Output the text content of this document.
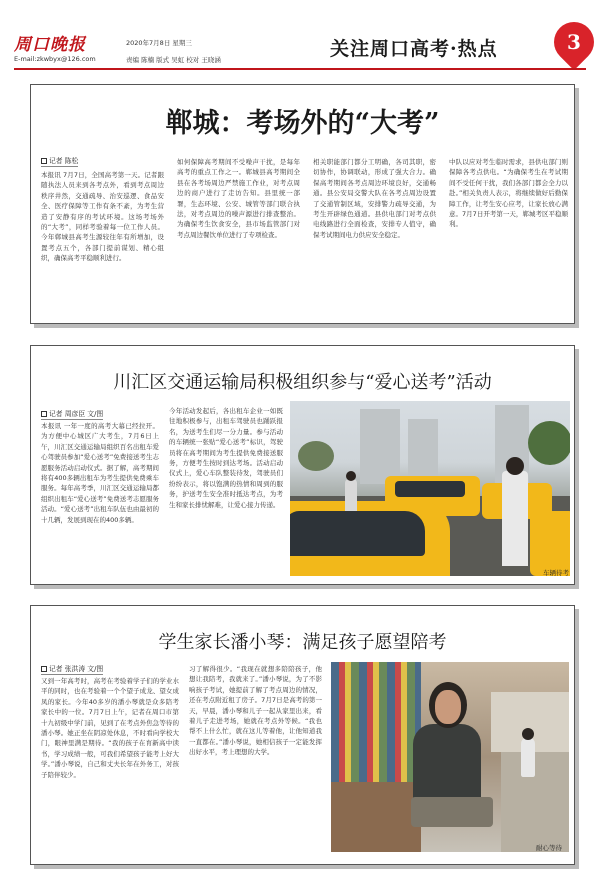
周口晚报
E-mail:zkwbyx@126.com
2020年7月8日 星期三
责编 陈楠 版式 吴虹 校对 王晓涵	关注周口高考·热点	3
郸城：考场外的“大考”
记者 陈松
本报讯 7月7日，全国高考第一天。记者跟随执法人员来到各考点外，看到考点周边秩序井然，交通疏导、治安巡逻、食品安全、医疗保障等工作有条不紊，为考生营造了安静有序的考试环境。这场考场外的“大考”，同样考验着每一位工作人员。今年郸城县高考生源较往年有所增加，设置考点五个，各部门提前谋划、精心组织，确保高考平稳顺利进行。
如何保障高考期间不受噪声干扰，是每年高考的重点工作之一。郸城县高考期间全县在各考场周边严禁施工作业，对考点周边的商户进行了走访告知。县里统一部署，生态环境、公安、城管等部门联合执法，对考点周边的噪声源进行排查整治。为确保考生饮食安全，县市场监管部门对考点周边餐饮单位进行了专项检查。
相关职能部门都分工明确，各司其职，密切协作，协调联动，形成了强大合力。确保高考期间各考点周边环境良好，交通畅通。县公安局交警大队在各考点周边设置了交通管制区域，安排警力疏导交通，为考生开辟绿色通道。县供电部门对考点供电线路进行全面检查，安排专人值守，确保考试期间电力供应安全稳定。
中队以应对考生临时需求，县供电部门则保障各考点供电。“为确保考生在考试期间不受任何干扰，我们各部门都会全力以赴。”相关负责人表示，将继续做好后勤保障工作，让考生安心应考，让家长放心满意。7月7日开考第一天，郸城考区平稳顺利。
川汇区交通运输局积极组织参与“爱心送考”活动
记者 周彦臣 文/图
本报讯 一年一度的高考大幕已经拉开。为方便中心城区广大考生，7月6日上午，川汇区交通运输局组织百名出租车爱心驾驶员参加“爱心送考”免费接送考生志愿服务活动启动仪式。据了解，高考期间将有400多辆出租车为考生提供免费乘车服务。每年高考季，川汇区交通运输局都组织出租车“爱心送考”免费送考志愿服务活动。“爱心送考”出租车队伍也由最初的十几辆，发展到现在的400多辆。
今年活动发起后，各出租车企业一如既往地积极参与，出租车驾驶员也踊跃报名，为送考生们尽一分力量。参与活动的车辆统一张贴“爱心送考”标识，驾驶员将在高考期间为考生提供免费接送服务，方便考生按时到达考场。活动启动仪式上，爱心车队整装待发，驾驶员们纷纷表示，将以饱满的热情和周到的服务，护送考生安全准时抵达考点，为考生和家长排忧解难，让爱心接力传递。
车辆待考
学生家长潘小琴：满足孩子愿望陪考
记者 张洪涛 文/图
又到一年高考时，高考在考验着学子们的学业水平的同时，也在考验着一个个望子成龙、望女成凤的家长。今年40多岁的潘小琴就是众多陪考家长中的一位。7月7日上午，记者在周口市第十九初级中学门前，见到了在考点外焦急等待的潘小琴。她正坐在阴凉处休息，不时看向学校大门，眼神里满是期待。“我的孩子在育新高中读书，学习成绩一般，可我们希望孩子能考上好大学。”潘小琴说，自己和丈夫长年在外务工，对孩子陪伴较少。
习了解得很少。“我现在就想多陪陪孩子，他想让我陪考，我就来了。”潘小琴说，为了不影响孩子考试，她提前了解了考点周边的情况，还在考点附近租了房子。7月7日是高考的第一天，早晨，潘小琴和儿子一起从家里出来，看着儿子走进考场，她就在考点外等候。“我也帮不上什么忙，就在这儿等着他，让他知道我一直都在。”潘小琴说，她相信孩子一定能发挥出好水平，考上理想的大学。
耐心等待
